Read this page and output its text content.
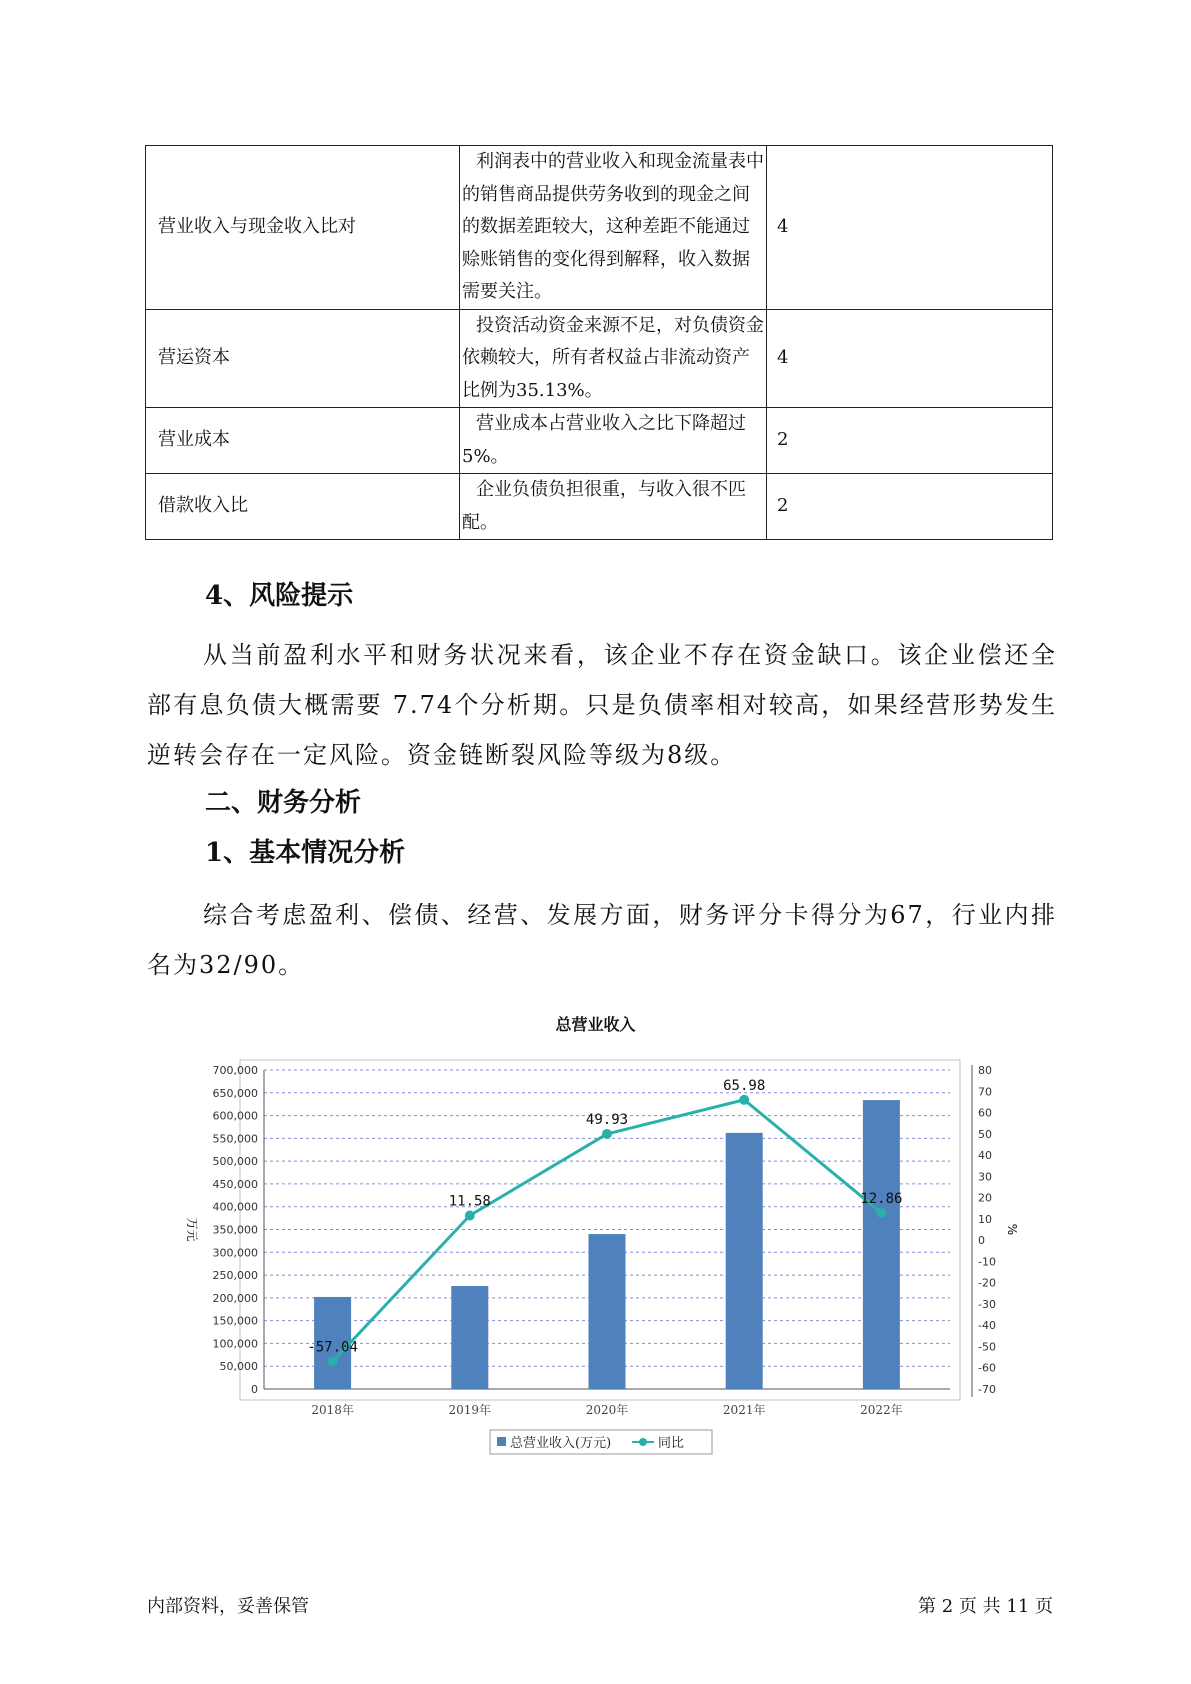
营业收入与现金收入比对	利润表中的营业收入和现金流量表中的销售商品提供劳务收到的现金之间的数据差距较大，这种差距不能通过赊账销售的变化得到解释，收入数据需要关注。	4
营运资本	投资活动资金来源不足，对负债资金依赖较大，所有者权益占非流动资产比例为35.13%。	4
营业成本	营业成本占营业收入之比下降超过5%。	2
借款收入比	企业负债负担很重，与收入很不匹配。	2
4、风险提示

从当前盈利水平和财务状况来看，该企业不存在资金缺口。该企业偿还全部有息负债大概需要 7.74个分析期。只是负债率相对较高，如果经营形势发生逆转会存在一定风险。资金链断裂风险等级为8级。

二、财务分析
1、基本情况分析

综合考虑盈利、偿债、经营、发展方面，财务评分卡得分为67，行业内排名为32/90。

总营业收入
0
50,000
100,000
150,000
200,000
250,000
300,000
350,000
400,000
450,000
500,000
550,000
600,000
650,000
700,000
-70
-60
-50
-40
-30
-20
-10
0
10
20
30
40
50
60
70
80
万元	%
2018年	2019年	2020年	2021年	2022年
-57.04
11.58
49.93
65.98
12.86
总营业收入(万元)	同比

内部资料，妥善保管	第 2 页 共 11 页
